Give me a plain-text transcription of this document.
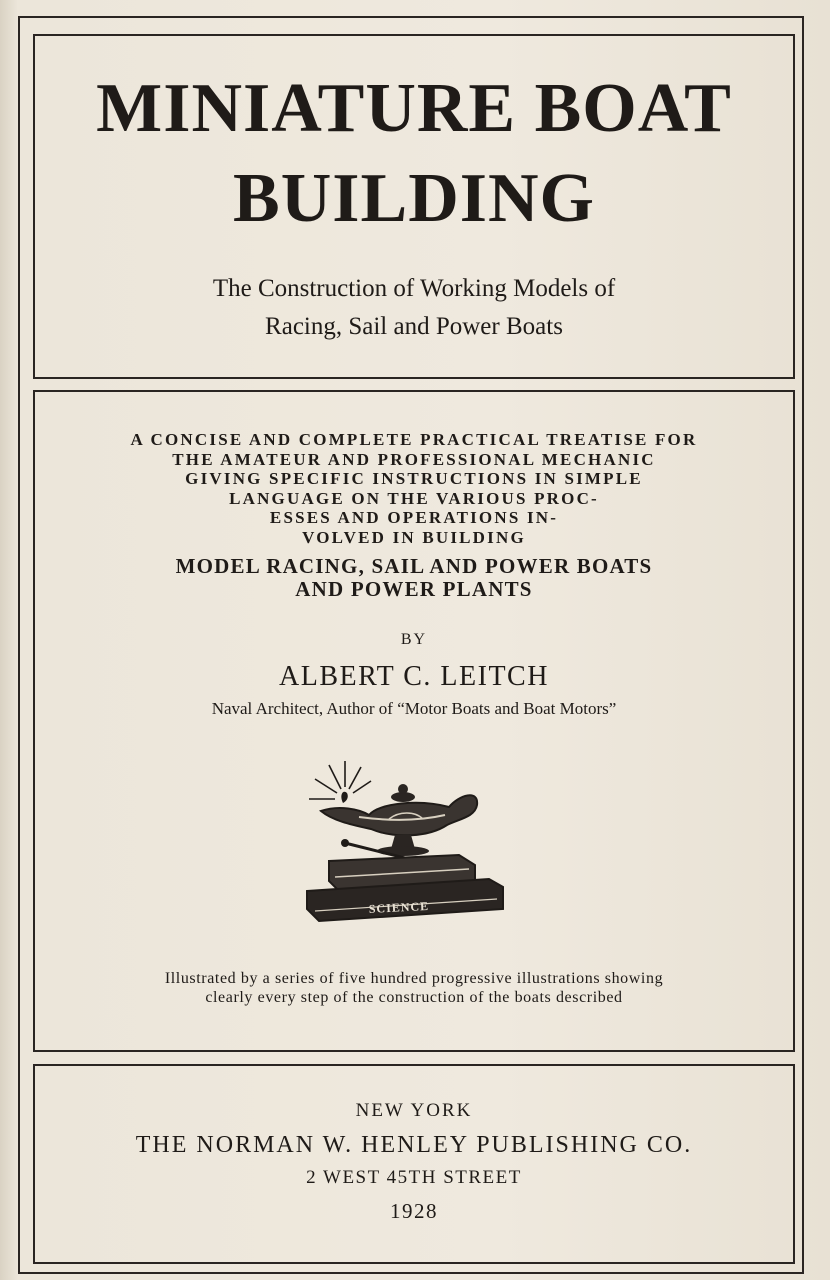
MINIATURE BOAT
BUILDING
The Construction of Working Models of
Racing, Sail and Power Boats
A CONCISE AND COMPLETE PRACTICAL TREATISE FOR
THE AMATEUR AND PROFESSIONAL MECHANIC
GIVING SPECIFIC INSTRUCTIONS IN SIMPLE
LANGUAGE ON THE VARIOUS PROC-
ESSES AND OPERATIONS IN-
VOLVED IN BUILDING
MODEL RACING, SAIL AND POWER BOATS
AND POWER PLANTS
BY
ALBERT C. LEITCH
Naval Architect, Author of “Motor Boats and Boat Motors”
SCIENCE
Illustrated by a series of five hundred progressive illustrations showing
clearly every step of the construction of the boats described
NEW YORK
THE NORMAN W. HENLEY PUBLISHING CO.
2 WEST 45TH STREET
1928
